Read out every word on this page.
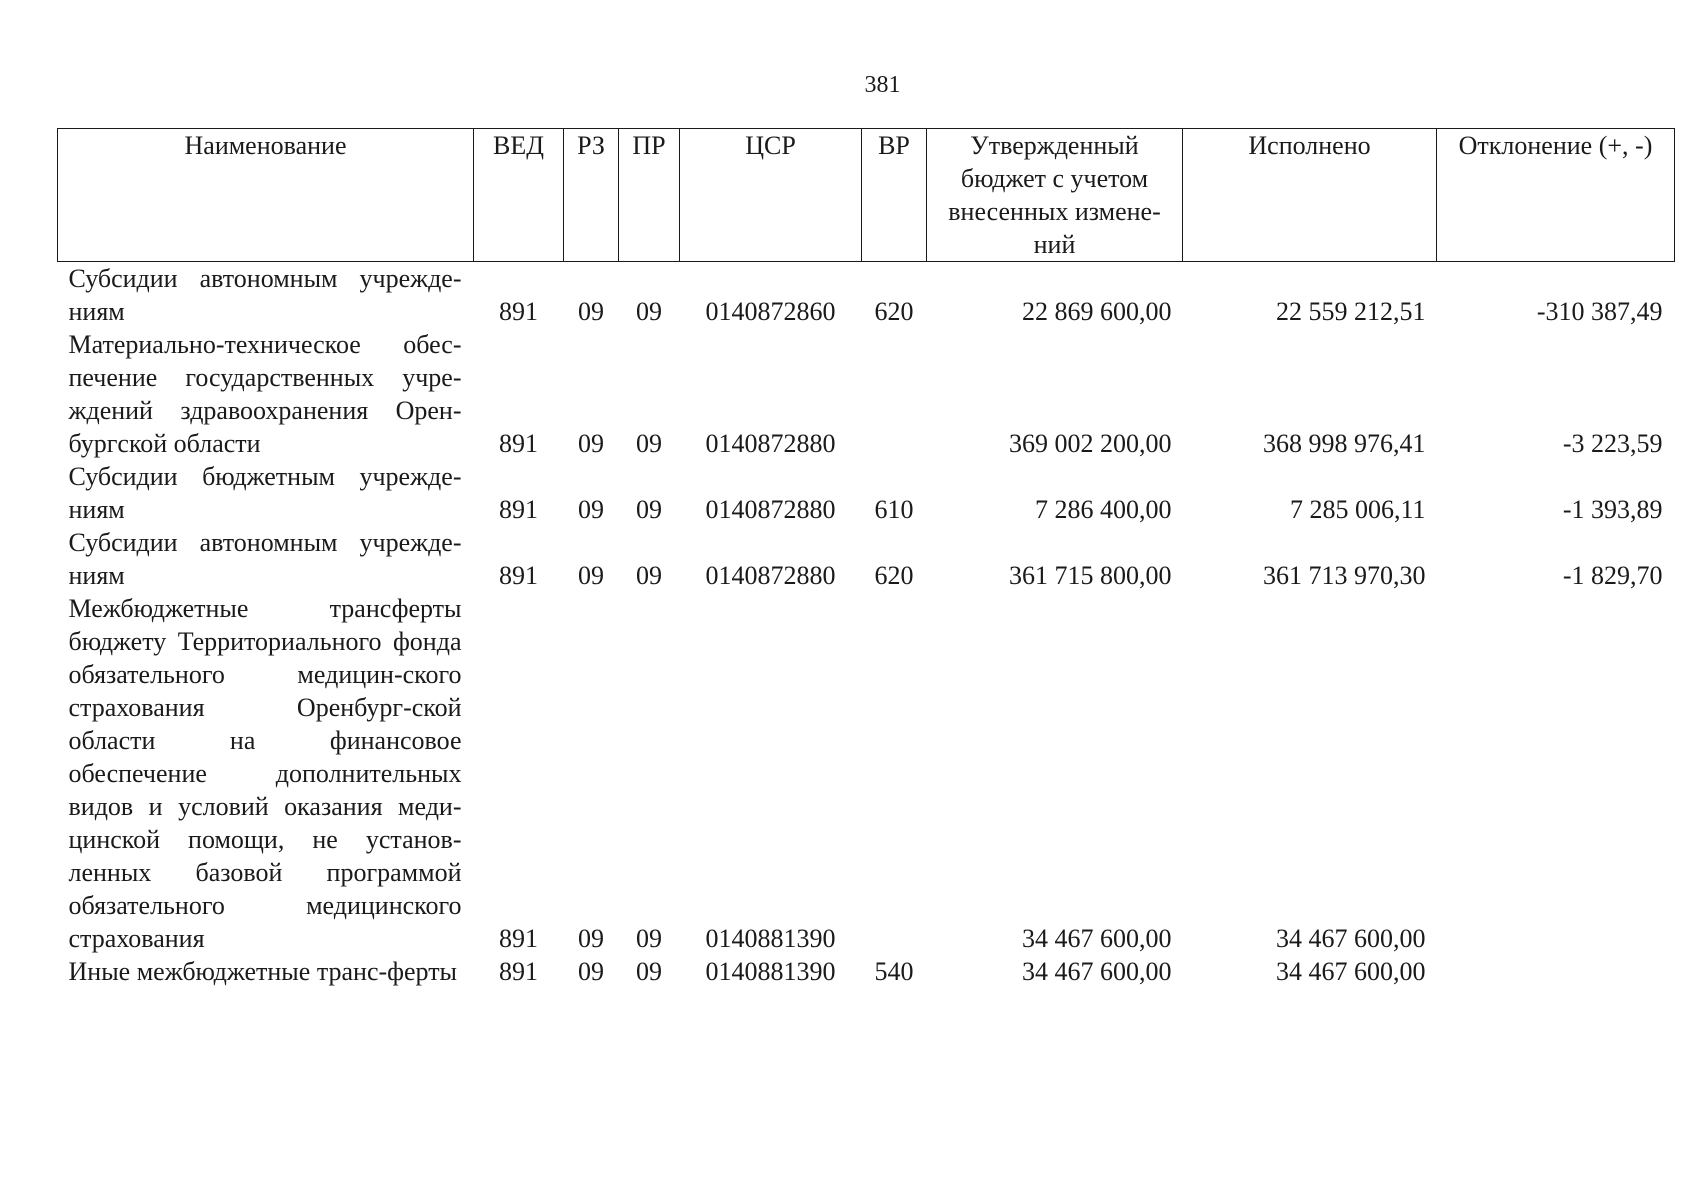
381
Наименование	ВЕД	РЗ	ПР	ЦСР	ВР	Утвержденный бюджет с учетом внесенных измене-ний	Исполнено	Отклонение (+, -)
Субсидии автономным учрежде-ниям	891	09	09	0140872860	620	22 869 600,00	22 559 212,51	-310 387,49
Материально-техническое обес-печение государственных учре-ждений здравоохранения Орен-бургской области	891	09	09	0140872880		369 002 200,00	368 998 976,41	-3 223,59
Субсидии бюджетным учрежде-ниям	891	09	09	0140872880	610	7 286 400,00	7 285 006,11	-1 393,89
Субсидии автономным учрежде-ниям	891	09	09	0140872880	620	361 715 800,00	361 713 970,30	-1 829,70
Межбюджетные трансферты бюджету Территориального фонда обязательного медицин-ского страхования Оренбург-ской области на финансовое обеспечение дополнительных видов и условий оказания меди-цинской помощи, не установ-ленных базовой программой обязательного медицинского страхования	891	09	09	0140881390		34 467 600,00	34 467 600,00	
Иные межбюджетные транс-ферты	891	09	09	0140881390	540	34 467 600,00	34 467 600,00	
